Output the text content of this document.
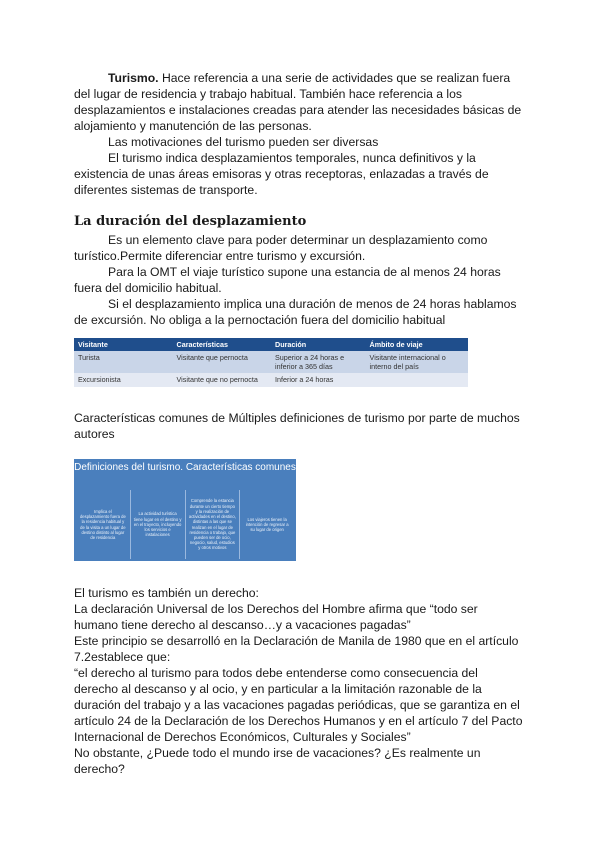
Turismo. Hace referencia a una serie de actividades que se realizan fuera del lugar de residencia y trabajo habitual. También hace referencia a los desplazamientos e instalaciones creadas para atender las necesidades básicas de alojamiento y manutención de las personas.

Las motivaciones del turismo pueden ser diversas

El turismo indica desplazamientos temporales, nunca definitivos y la existencia de unas áreas emisoras y otras receptoras, enlazadas a través de diferentes sistemas de transporte.

La duración del desplazamiento

Es un elemento clave para poder determinar un desplazamiento como turístico.Permite diferenciar entre turismo y excursión.

Para la OMT el viaje turístico supone una estancia de al menos 24 horas fuera del domicilio habitual.

Si el desplazamiento implica una duración de menos de 24 horas hablamos de excursión. No obliga a la pernoctación fuera del domicilio habitual

Visitante	Características	Duración	Ámbito de viaje
Turista	Visitante que pernocta	Superior a 24 horas e inferior a 365 días	Visitante internacional o interno del país
Excursionista	Visitante que no pernocta	Inferior a 24 horas	

Características comunes de Múltiples definiciones de turismo por parte de muchos autores

Definiciones del turismo. Características comunes
Implica el desplazamiento fuera de la residencia habitual y de la visita a un lugar de destino distinto al lugar de residencia
La actividad turística tiene lugar en el destino y en el trayecto, incluyendo los servicios e instalaciones
Comprende la estancia durante un cierto tiempo y la realización de actividades en el destino, distintas a las que se realizan en el lugar de residencia o trabajo, que pueden ser de ocio, negocio, salud, estudios y otros motivos
Los viajeros tienen la intención de regresar a su lugar de origen

El turismo es también un derecho:

La declaración Universal de los Derechos del Hombre afirma que “todo ser humano tiene derecho al descanso…y a vacaciones pagadas”

Este principio se desarrolló en la Declaración de Manila de 1980 que en el artículo 7.2establece que:

“el derecho al turismo para todos debe entenderse como consecuencia del derecho al descanso y al ocio, y en particular a la limitación razonable de la duración del trabajo y a las vacaciones pagadas periódicas, que se garantiza en el artículo 24 de la Declaración de los Derechos Humanos y en el artículo 7 del Pacto Internacional de Derechos Económicos, Culturales y Sociales”

No obstante, ¿Puede todo el mundo irse de vacaciones? ¿Es realmente un derecho?
